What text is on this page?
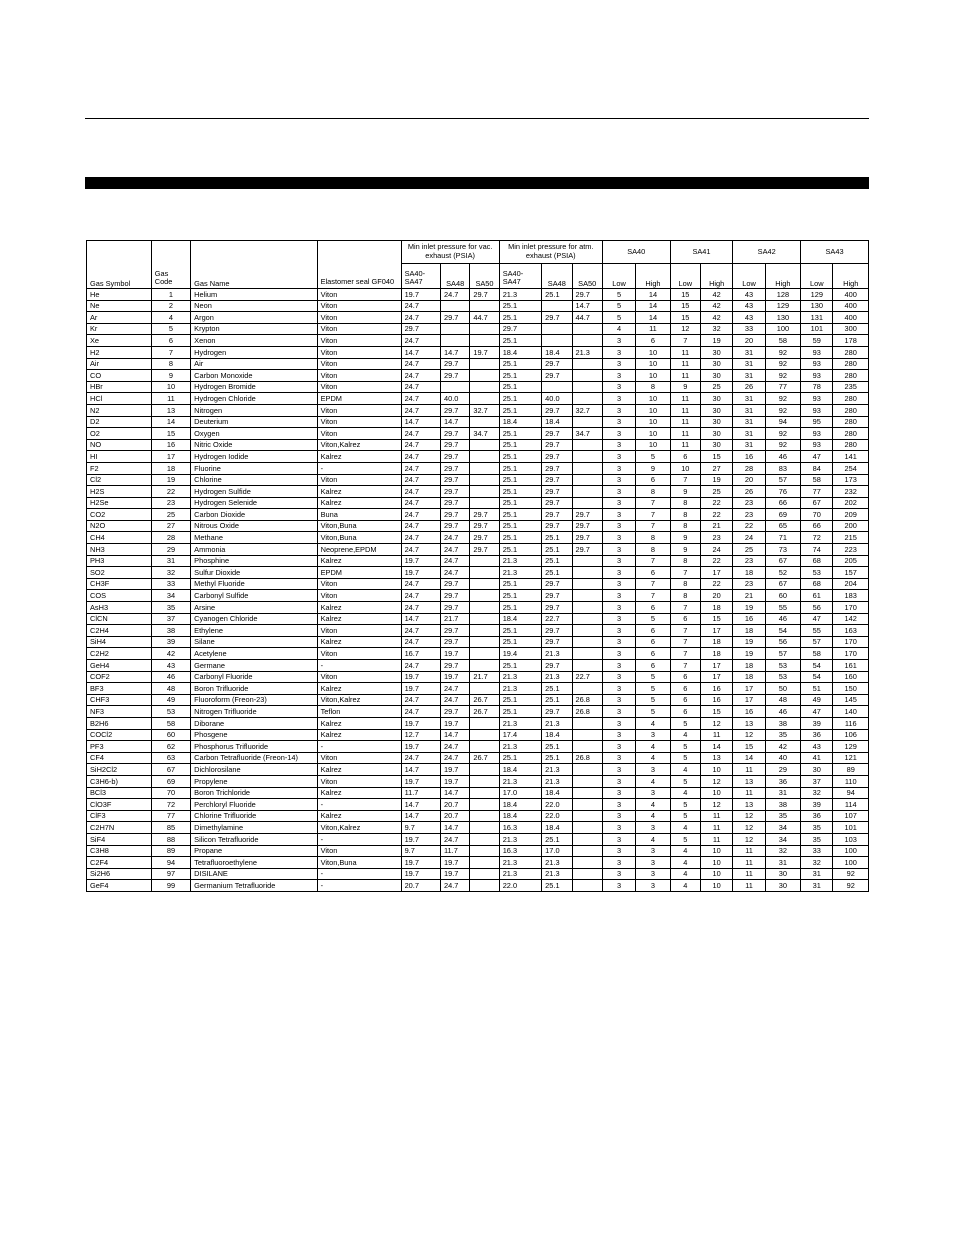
Gas Symbol	Gas Code	Gas Name	Elastomer seal GF040	Min inlet pressure for vac. exhaust (PSIA)			Min inlet pressure for atm. exhaust (PSIA)			SA40		SA41		SA42		SA43	

				SA40- SA47	SA48	SA50	SA40- SA47	SA48	SA50	Low	High	Low	High	Low	High	Low	High
He	1	Helium	Viton	19.7	24.7	29.7	21.3	25.1	29.7	5	14	15	42	43	128	129	400
Ne	2	Neon	Viton	24.7			25.1		14.7	5	14	15	42	43	129	130	400
Ar	4	Argon	Viton	24.7	29.7	44.7	25.1	29.7	44.7	5	14	15	42	43	130	131	400
Kr	5	Krypton	Viton	29.7			29.7			4	11	12	32	33	100	101	300
Xe	6	Xenon	Viton	24.7			25.1			3	6	7	19	20	58	59	178
H2	7	Hydrogen	Viton	14.7	14.7	19.7	18.4	18.4	21.3	3	10	11	30	31	92	93	280
Air	8	Air	Viton	24.7	29.7		25.1	29.7		3	10	11	30	31	92	93	280
CO	9	Carbon Monoxide	Viton	24.7	29.7		25.1	29.7		3	10	11	30	31	92	93	280
HBr	10	Hydrogen Bromide	Viton	24.7			25.1			3	8	9	25	26	77	78	235
HCl	11	Hydrogen Chloride	EPDM	24.7	40.0		25.1	40.0		3	10	11	30	31	92	93	280
N2	13	Nitrogen	Viton	24.7	29.7	32.7	25.1	29.7	32.7	3	10	11	30	31	92	93	280
D2	14	Deuterium	Viton	14.7	14.7		18.4	18.4		3	10	11	30	31	94	95	280
O2	15	Oxygen	Viton	24.7	29.7	34.7	25.1	29.7	34.7	3	10	11	30	31	92	93	280
NO	16	Nitric Oxide	Viton,Kalrez	24.7	29.7		25.1	29.7		3	10	11	30	31	92	93	280
HI	17	Hydrogen Iodide	Kalrez	24.7	29.7		25.1	29.7		3	5	6	15	16	46	47	141
F2	18	Fluorine	-	24.7	29.7		25.1	29.7		3	9	10	27	28	83	84	254
Cl2	19	Chlorine	Viton	24.7	29.7		25.1	29.7		3	6	7	19	20	57	58	173
H2S	22	Hydrogen Sulfide	Kalrez	24.7	29.7		25.1	29.7		3	8	9	25	26	76	77	232
H2Se	23	Hydrogen Selenide	Kalrez	24.7	29.7		25.1	29.7		3	7	8	22	23	66	67	202
CO2	25	Carbon Dioxide	Buna	24.7	29.7	29.7	25.1	29.7	29.7	3	7	8	22	23	69	70	209
N2O	27	Nitrous Oxide	Viton,Buna	24.7	29.7	29.7	25.1	29.7	29.7	3	7	8	21	22	65	66	200
CH4	28	Methane	Viton,Buna	24.7	24.7	29.7	25.1	25.1	29.7	3	8	9	23	24	71	72	215
NH3	29	Ammonia	Neoprene,EPDM	24.7	24.7	29.7	25.1	25.1	29.7	3	8	9	24	25	73	74	223
PH3	31	Phosphine	Kalrez	19.7	24.7		21.3	25.1		3	7	8	22	23	67	68	205
SO2	32	Sulfur Dioxide	EPDM	19.7	24.7		21.3	25.1		3	6	7	17	18	52	53	157
CH3F	33	Methyl Fluoride	Viton	24.7	29.7		25.1	29.7		3	7	8	22	23	67	68	204
COS	34	Carbonyl Sulfide	Viton	24.7	29.7		25.1	29.7		3	7	8	20	21	60	61	183
AsH3	35	Arsine	Kalrez	24.7	29.7		25.1	29.7		3	6	7	18	19	55	56	170
ClCN	37	Cyanogen Chloride	Kalrez	14.7	21.7		18.4	22.7		3	5	6	15	16	46	47	142
C2H4	38	Ethylene	Viton	24.7	29.7		25.1	29.7		3	6	7	17	18	54	55	163
SiH4	39	Silane	Kalrez	24.7	29.7		25.1	29.7		3	6	7	18	19	56	57	170
C2H2	42	Acetylene	Viton	16.7	19.7		19.4	21.3		3	6	7	18	19	57	58	170
GeH4	43	Germane	-	24.7	29.7		25.1	29.7		3	6	7	17	18	53	54	161
COF2	46	Carbonyl Fluoride	Viton	19.7	19.7	21.7	21.3	21.3	22.7	3	5	6	17	18	53	54	160
BF3	48	Boron Trifluoride	Kalrez	19.7	24.7		21.3	25.1		3	5	6	16	17	50	51	150
CHF3	49	Fluoroform (Freon-23)	Viton,Kalrez	24.7	24.7	26.7	25.1	25.1	26.8	3	5	6	16	17	48	49	145
NF3	53	Nitrogen Trifluoride	Teflon	24.7	29.7	26.7	25.1	29.7	26.8	3	5	6	15	16	46	47	140
B2H6	58	Diborane	Kalrez	19.7	19.7		21.3	21.3		3	4	5	12	13	38	39	116
COCl2	60	Phosgene	Kalrez	12.7	14.7		17.4	18.4		3	3	4	11	12	35	36	106
PF3	62	Phosphorus Trifluoride	-	19.7	24.7		21.3	25.1		3	4	5	14	15	42	43	129
CF4	63	Carbon Tetrafluoride (Freon-14)	Viton	24.7	24.7	26.7	25.1	25.1	26.8	3	4	5	13	14	40	41	121
SiH2Cl2	67	Dichlorosilane	Kalrez	14.7	19.7		18.4	21.3		3	3	4	10	11	29	30	89
C3H6-b)	69	Propylene	Viton	19.7	19.7		21.3	21.3		3	4	5	12	13	36	37	110
BCl3	70	Boron Trichloride	Kalrez	11.7	14.7		17.0	18.4		3	3	4	10	11	31	32	94
ClO3F	72	Perchloryl Fluoride	-	14.7	20.7		18.4	22.0		3	4	5	12	13	38	39	114
ClF3	77	Chlorine Trifluoride	Kalrez	14.7	20.7		18.4	22.0		3	4	5	11	12	35	36	107
C2H7N	85	Dimethylamine	Viton,Kalrez	9.7	14.7		16.3	18.4		3	3	4	11	12	34	35	101
SiF4	88	Silicon Tetrafluoride	-	19.7	24.7		21.3	25.1		3	4	5	11	12	34	35	103
C3H8	89	Propane	Viton	9.7	11.7		16.3	17.0		3	3	4	10	11	32	33	100
C2F4	94	Tetrafluoroethylene	Viton,Buna	19.7	19.7		21.3	21.3		3	3	4	10	11	31	32	100
Si2H6	97	DISILANE	-	19.7	19.7		21.3	21.3		3	3	4	10	11	30	31	92
GeF4	99	Germanium Tetrafluoride	-	20.7	24.7		22.0	25.1		3	3	4	10	11	30	31	92
